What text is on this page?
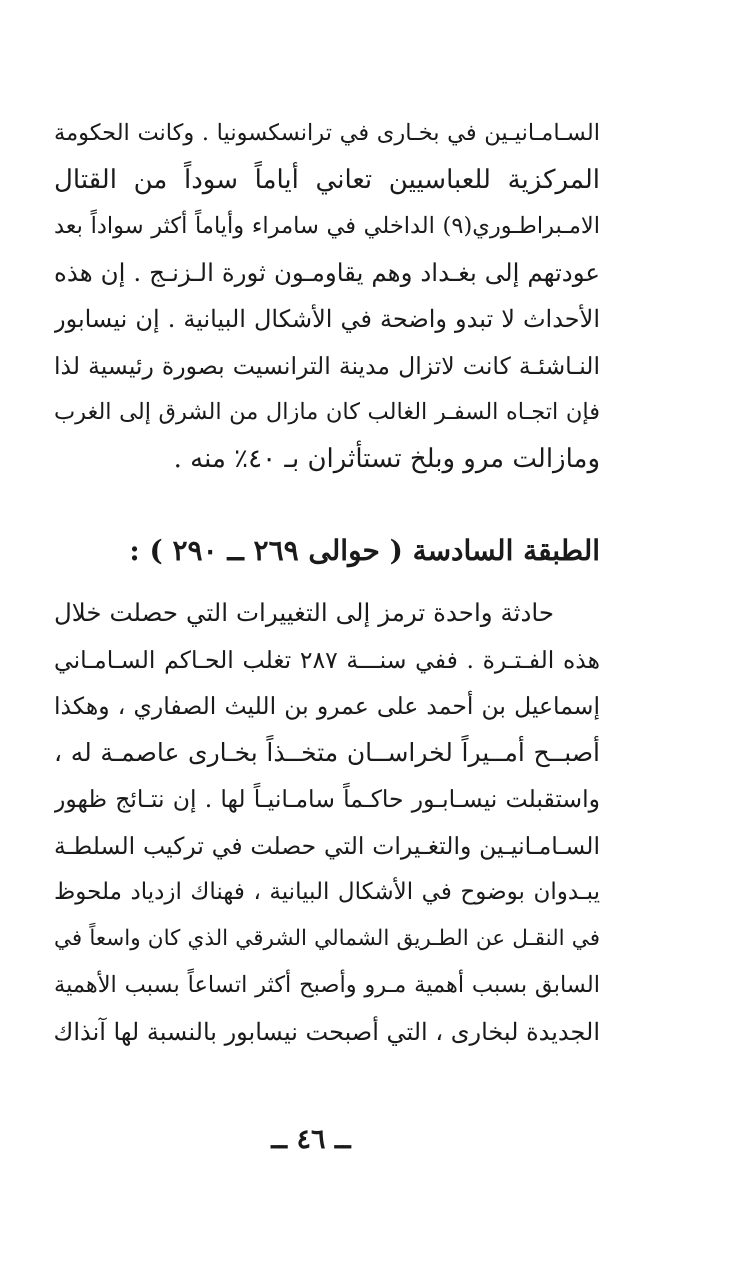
السـامـانيـين في بخـارى في ترانسكسونيا . وكانت الحكومة
المركزية للعباسيين تعاني أياماً سوداً من القتال
الامـبراطـوري(٩) الداخلي في سامراء وأياماً أكثر سواداً بعد
عودتهم إلى بغـداد وهم يقاومـون ثورة الـزنـج . إن هذه
الأحداث لا تبدو واضحة في الأشكال البيانية . إن نيسابور
النـاشئـة كانت لاتزال مدينة الترانسيت بصورة رئيسية لذا
فإن اتجـاه السفـر الغالب كان مازال من الشرق إلى الغرب
ومازالت مرو وبلخ تستأثران بـ ٤٠٪ منه .
الطبقة السادسة ( حوالى ٢٦٩ ــ ٢٩٠ ) :
حادثة واحدة ترمز إلى التغييرات التي حصلت خلال
هذه الفـتـرة . ففي سنـــة ٢٨٧ تغلب الحـاكم السـامـاني
إسماعيل بن أحمد على عمرو بن الليث الصفاري ، وهكذا
أصبــح أمــيراً لخراســان متخــذاً بخـارى عاصمـة له ،
واستقبلت نيسـابـور حاكـماً سامـانيـاً لها . إن نتـائج ظهور
السـامـانيـين والتغـيرات التي حصلت في تركيب السلطـة
يبـدوان بوضوح في الأشكال البيانية ، فهناك ازدياد ملحوظ
في النقـل عن الطـريق الشمالي الشرقي الذي كان واسعاً في
السابق بسبب أهمية مـرو وأصبح أكثر اتساعاً بسبب الأهمية
الجديدة لبخارى ، التي أصبحت نيسابور بالنسبة لها آنذاك

ــ ٤٦ ــ
